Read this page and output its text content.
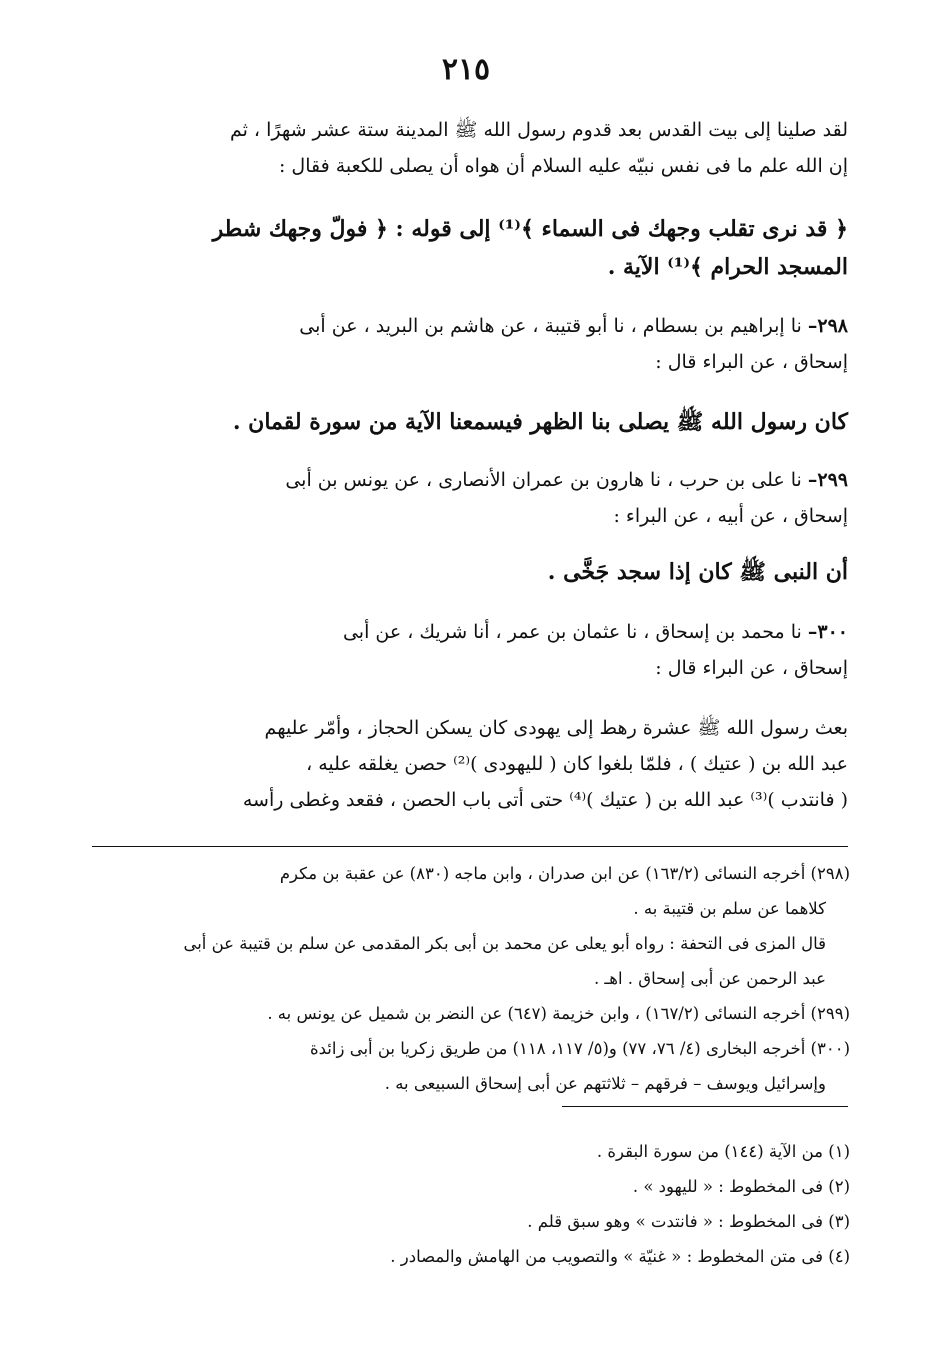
٢١٥
لقد صلينا إلى بيت القدس بعد قدوم رسول الله ﷺ المدينة ستة عشر شهرًا ، ثم
إن الله علم ما فى نفس نبيّه عليه السلام أن هواه أن يصلى للكعبة فقال :
﴿ قد نرى تقلب وجهك فى السماء ﴾⁽¹⁾ إلى قوله : ﴿ فولّ وجهك شطر
المسجد الحرام ﴾⁽¹⁾ الآية .
٢٩٨– نا إبراهيم بن بسطام ، نا أبو قتيبة ، عن هاشم بن البريد ، عن أبى
إسحاق ، عن البراء قال :
كان رسول الله ﷺ يصلى بنا الظهر فيسمعنا الآية من سورة لقمان .
٢٩٩– نا على بن حرب ، نا هارون بن عمران الأنصارى ، عن يونس بن أبى
إسحاق ، عن أبيه ، عن البراء :
أن النبى ﷺ كان إذا سجد جَخَّى .
٣٠٠– نا محمد بن إسحاق ، نا عثمان بن عمر ، أنا شريك ، عن أبى
إسحاق ، عن البراء قال :
بعث رسول الله ﷺ عشرة رهط إلى يهودى كان يسكن الحجاز ، وأمّر عليهم
عبد الله بن ( عتيك ) ، فلمّا بلغوا كان ( لليهودى )⁽²⁾ حصن يغلقه عليه ،
( فانتدب )⁽³⁾ عبد الله بن ( عتيك )⁽⁴⁾ حتى أتى باب الحصن ، فقعد وغطى رأسه
(٢٩٨) أخرجه النسائى (١٦٣/٢) عن ابن صدران ، وابن ماجه (٨٣٠) عن عقبة بن مكرم
كلاهما عن سلم بن قتيبة به .
قال المزى فى التحفة : رواه أبو يعلى عن محمد بن أبى بكر المقدمى عن سلم بن قتيبة عن أبى
عبد الرحمن عن أبى إسحاق . اهـ .
(٢٩٩) أخرجه النسائى (١٦٧/٢) ، وابن خزيمة (٦٤٧) عن النضر بن شميل عن يونس به .
(٣٠٠) أخرجه البخارى (٤/ ٧٦، ٧٧) و(٥/ ١١٧، ١١٨) من طريق زكريا بن أبى زائدة
وإسرائيل ويوسف – فرقهم – ثلاثتهم عن أبى إسحاق السبيعى به .
(١) من الآية (١٤٤) من سورة البقرة .
(٢) فى المخطوط : « لليهود » .
(٣) فى المخطوط : « فانتدت » وهو سبق قلم .
(٤) فى متن المخطوط : « غنيّة » والتصويب من الهامش والمصادر .
